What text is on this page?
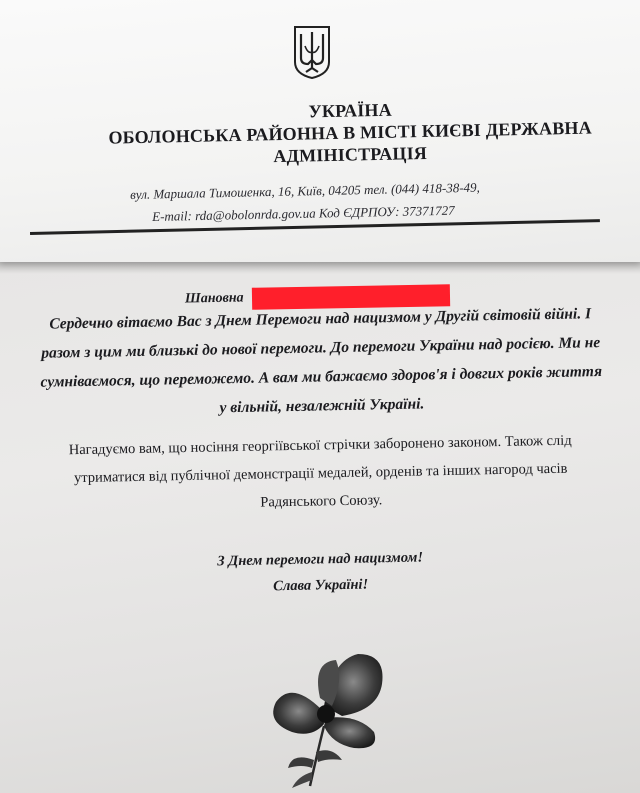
УКРАЇНА
ОБОЛОНСЬКА РАЙОННА В МІСТІ КИЄВІ ДЕРЖАВНА
АДМІНІСТРАЦІЯ
вул. Маршала Тимошенка, 16, Київ, 04205 тел. (044) 418-38-49,
E-mail: rda@obolonrda.gov.ua Код ЄДРПОУ: 37371727
Шановна
Сердечно вітаємо Вас з Днем Перемоги над нацизмом у Другій світовій війні. І
разом з цим ми близькі до нової перемоги. До перемоги України над росією. Ми не
сумніваємося, що переможемо. А вам ми бажаємо здоров'я і довгих років життя
у вільній, незалежній Україні.
Нагадуємо вам, що носіння георгіївської стрічки заборонено законом. Також слід
утриматися від публічної демонстрації медалей, орденів та інших нагород часів
Радянського Союзу.
З Днем перемоги над нацизмом!
Слава Україні!
